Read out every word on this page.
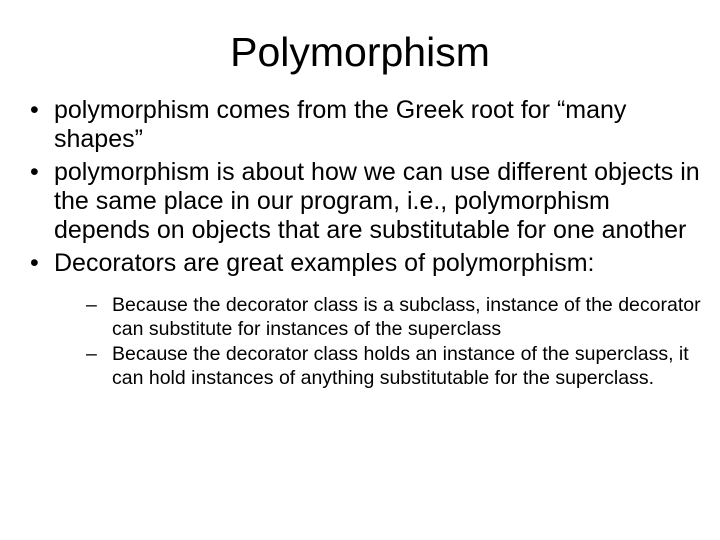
Polymorphism
• polymorphism comes from the Greek root for “many shapes”
• polymorphism is about how we can use different objects in the same place in our program, i.e., polymorphism depends on objects that are substitutable for one another
• Decorators are great examples of polymorphism:
– Because the decorator class is a subclass, instance of the decorator can substitute for instances of the superclass
– Because the decorator class holds an instance of the superclass, it can hold instances of anything substitutable for the superclass.
